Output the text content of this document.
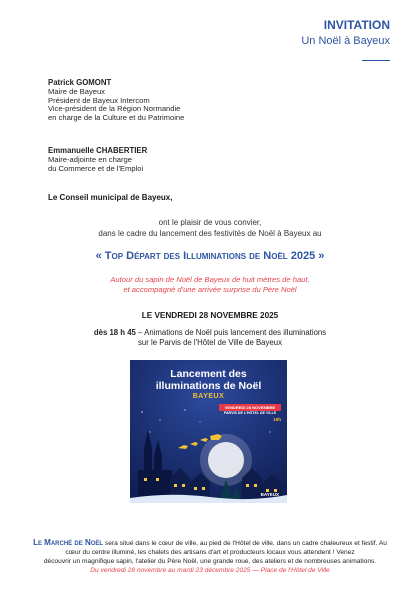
INVITATION
Un Noël à Bayeux
Patrick GOMONT
Maire de Bayeux
Président de Bayeux Intercom
Vice-président de la Région Normandie
en charge de la Culture et du Patrimoine
Emmanuelle CHABERTIER
Maire-adjointe en charge
du Commerce et de l'Emploi
Le Conseil municipal de Bayeux,
ont le plaisir de vous convier,
dans le cadre du lancement des festivités de Noël à Bayeux au
« Top Départ des Illuminations de Noël 2025 »
Autour du sapin de Noël de Bayeux de huit mètres de haut,
et accompagné d'une arrivée surprise du Père Noël
LE VENDREDI 28 NOVEMBRE 2025
dès 18 h 45 – Animations de Noël puis lancement des illuminations
sur le Parvis de l'Hôtel de Ville de Bayeux
Lancement des
illuminations de Noël
BAYEUX
VENDREDI 28 NOVEMBRE
PARVIS DE L'HÔTEL DE VILLE
19h
BAYEUX
Le Marché de Noël sera situé dans le cœur de ville, au pied de l'Hôtel de ville, dans un cadre chaleureux et festif. Au
cœur du centre illuminé, les chalets des artisans d'art et producteurs locaux vous attendent ! Venez
découvrir un magnifique sapin, l'atelier du Père Noël, une grande roue, des ateliers et de nombreuses animations.
Du vendredi 28 novembre au mardi 23 décembre 2025 — Place de l'Hôtel de Ville
